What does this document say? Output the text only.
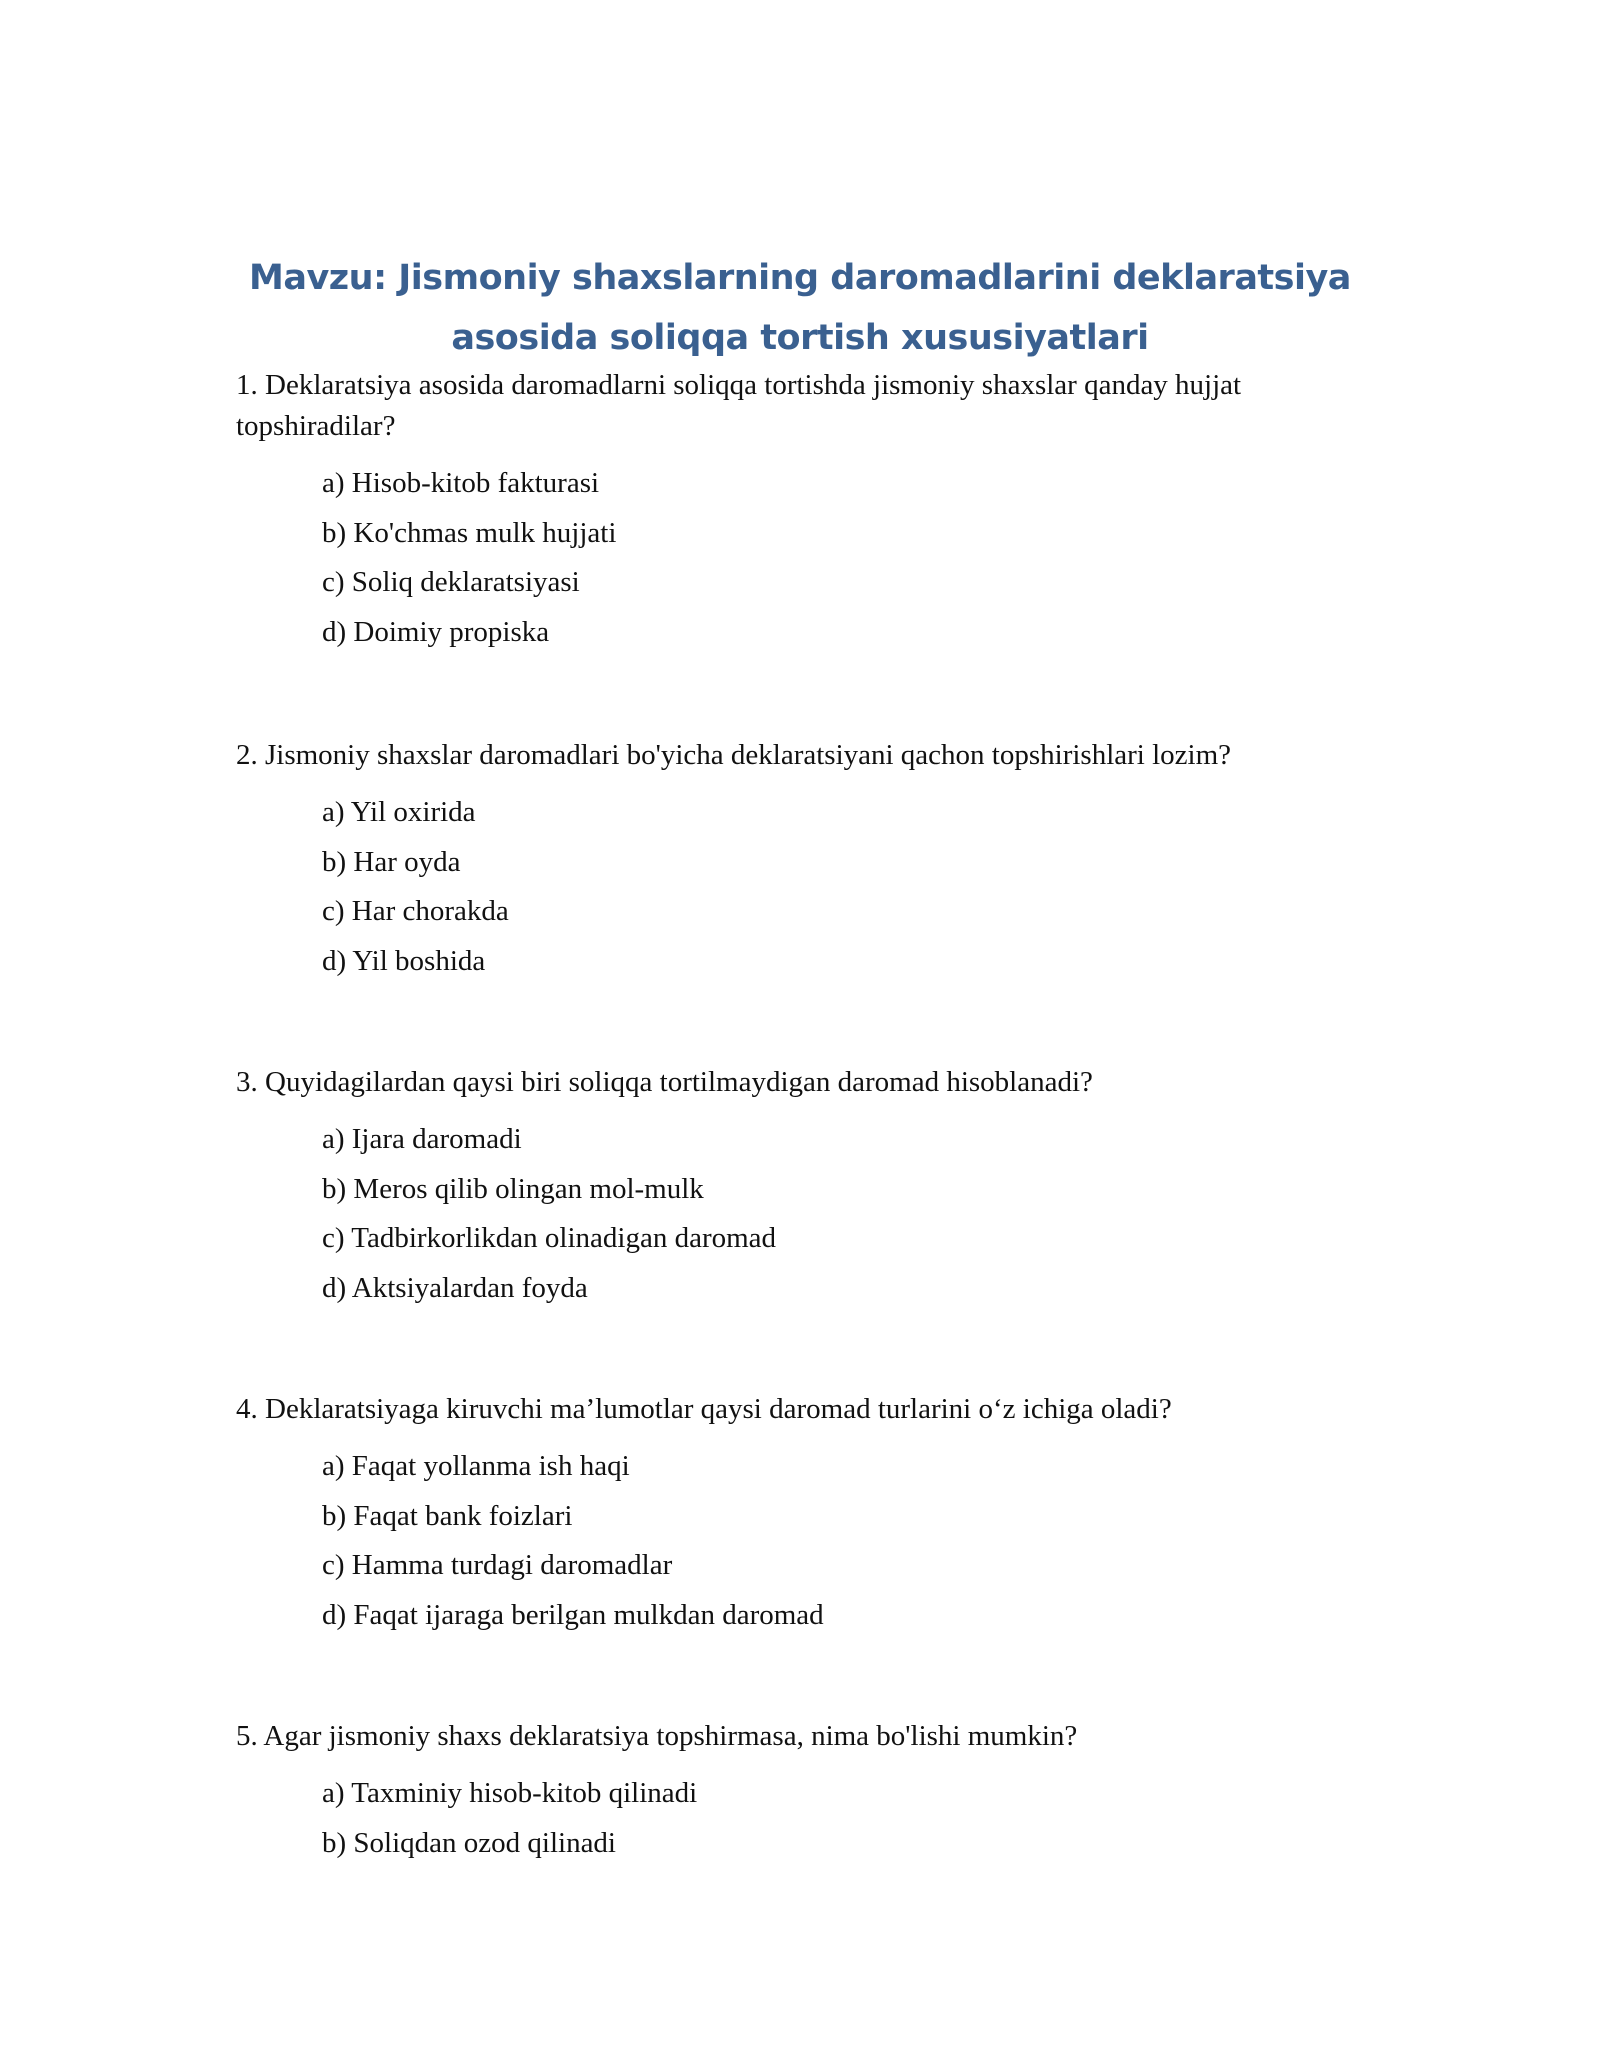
Mavzu: Jismoniy shaxslarning daromadlarini deklaratsiya
asosida soliqqa tortish xususiyatlari

1. Deklaratsiya asosida daromadlarni soliqqa tortishda jismoniy shaxslar qanday hujjat topshiradilar?

a) Hisob-kitob fakturasi
b) Ko'chmas mulk hujjati
c) Soliq deklaratsiyasi
d) Doimiy propiska

2. Jismoniy shaxslar daromadlari bo'yicha deklaratsiyani qachon topshirishlari lozim?

a) Yil oxirida
b) Har oyda
c) Har chorakda
d) Yil boshida

3. Quyidagilardan qaysi biri soliqqa tortilmaydigan daromad hisoblanadi?

a) Ijara daromadi
b) Meros qilib olingan mol-mulk
c) Tadbirkorlikdan olinadigan daromad
d) Aktsiyalardan foyda

4. Deklaratsiyaga kiruvchi ma’lumotlar qaysi daromad turlarini o‘z ichiga oladi?

a) Faqat yollanma ish haqi
b) Faqat bank foizlari
c) Hamma turdagi daromadlar
d) Faqat ijaraga berilgan mulkdan daromad

5. Agar jismoniy shaxs deklaratsiya topshirmasa, nima bo'lishi mumkin?

a) Taxminiy hisob-kitob qilinadi
b) Soliqdan ozod qilinadi
